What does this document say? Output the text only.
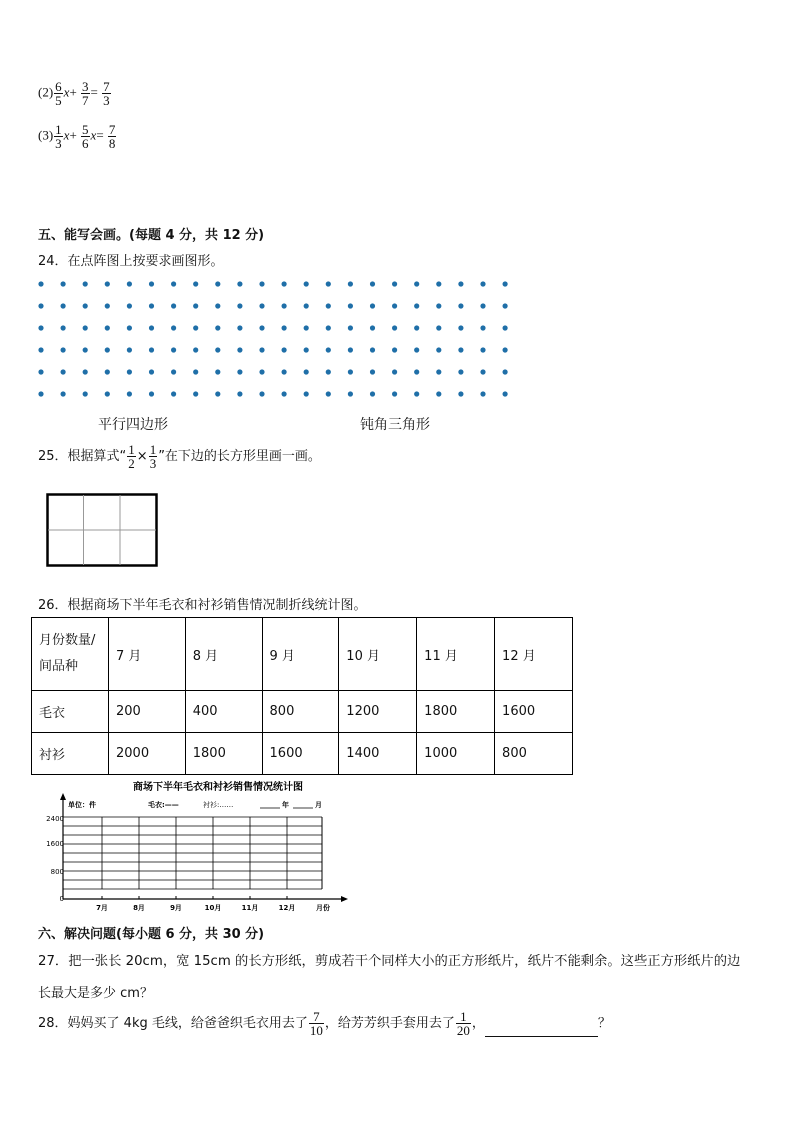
$(2) \frac{6}{5} x+ \frac{3}{7} = \frac{7}{3}$
$(3) \frac{1}{3} x+ \frac{5}{6} x= \frac{7}{8}$
五、能写会画。(每题 4 分，共 12 分)
24．在点阵图上按要求画图形。
平行四边形	钝角三角形
25．根据算式“ $\frac{1}{2} \times \frac{1}{3}$ ”在下边的长方形里画一画。
26．根据商场下半年毛衣和衬衫销售情况制折线统计图。
月份数量/
间品种	7 月	8 月	9 月	10 月	11 月	12 月
毛衣	200	400	800	1200	1800	1600
衬衫	2000	1800	1600	1400	1000	800
商场下半年毛衣和衬衫销售情况统计图
单位：件	毛衣:——	衬衫:……	年	月
2400
1600
800
0
7月	8月	9月	10月	11月	12月	月份
六、解决问题(每小题 6 分，共 30 分)
27．把一张长 20cm，宽 15cm 的长方形纸，剪成若干个同样大小的正方形纸片，纸片不能剩余。这些正方形纸片的边
长最大是多少 cm？
28．妈妈买了 4kg 毛线，给爸爸织毛衣用去了 $\frac{7}{10}$ ，给芳芳织手套用去了 $\frac{1}{20}$ ，	？
